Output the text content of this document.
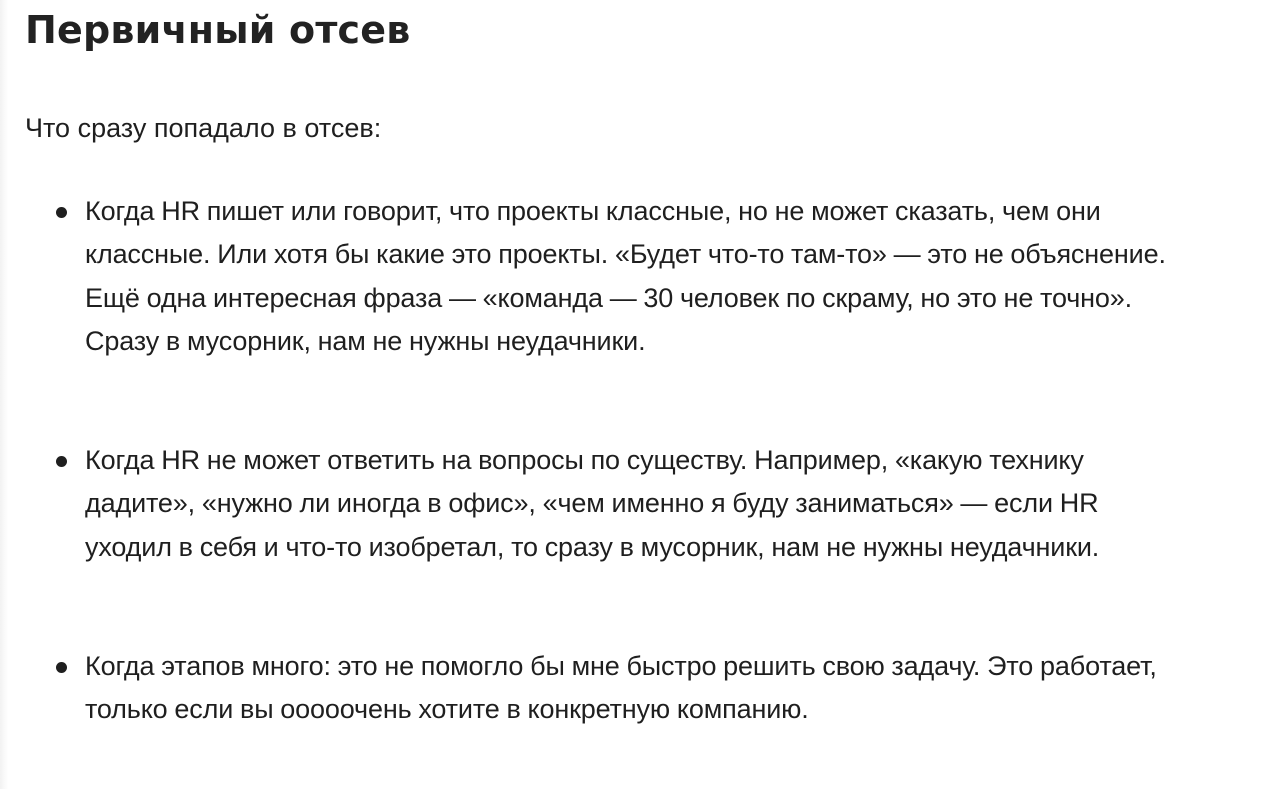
Первичный отсев

Что сразу попадало в отсев:

Когда HR пишет или говорит, что проекты классные, но не может сказать, чем они
классные. Или хотя бы какие это проекты. «Будет что-то там-то» — это не объяснение.
Ещё одна интересная фраза — «команда — 30 человек по скраму, но это не точно».
Сразу в мусорник, нам не нужны неудачники.
Когда HR не может ответить на вопросы по существу. Например, «какую технику
дадите», «нужно ли иногда в офис», «чем именно я буду заниматься» — если HR
уходил в себя и что-то изобретал, то сразу в мусорник, нам не нужны неудачники.
Когда этапов много: это не помогло бы мне быстро решить свою задачу. Это работает,
только если вы ооооочень хотите в конкретную компанию.
